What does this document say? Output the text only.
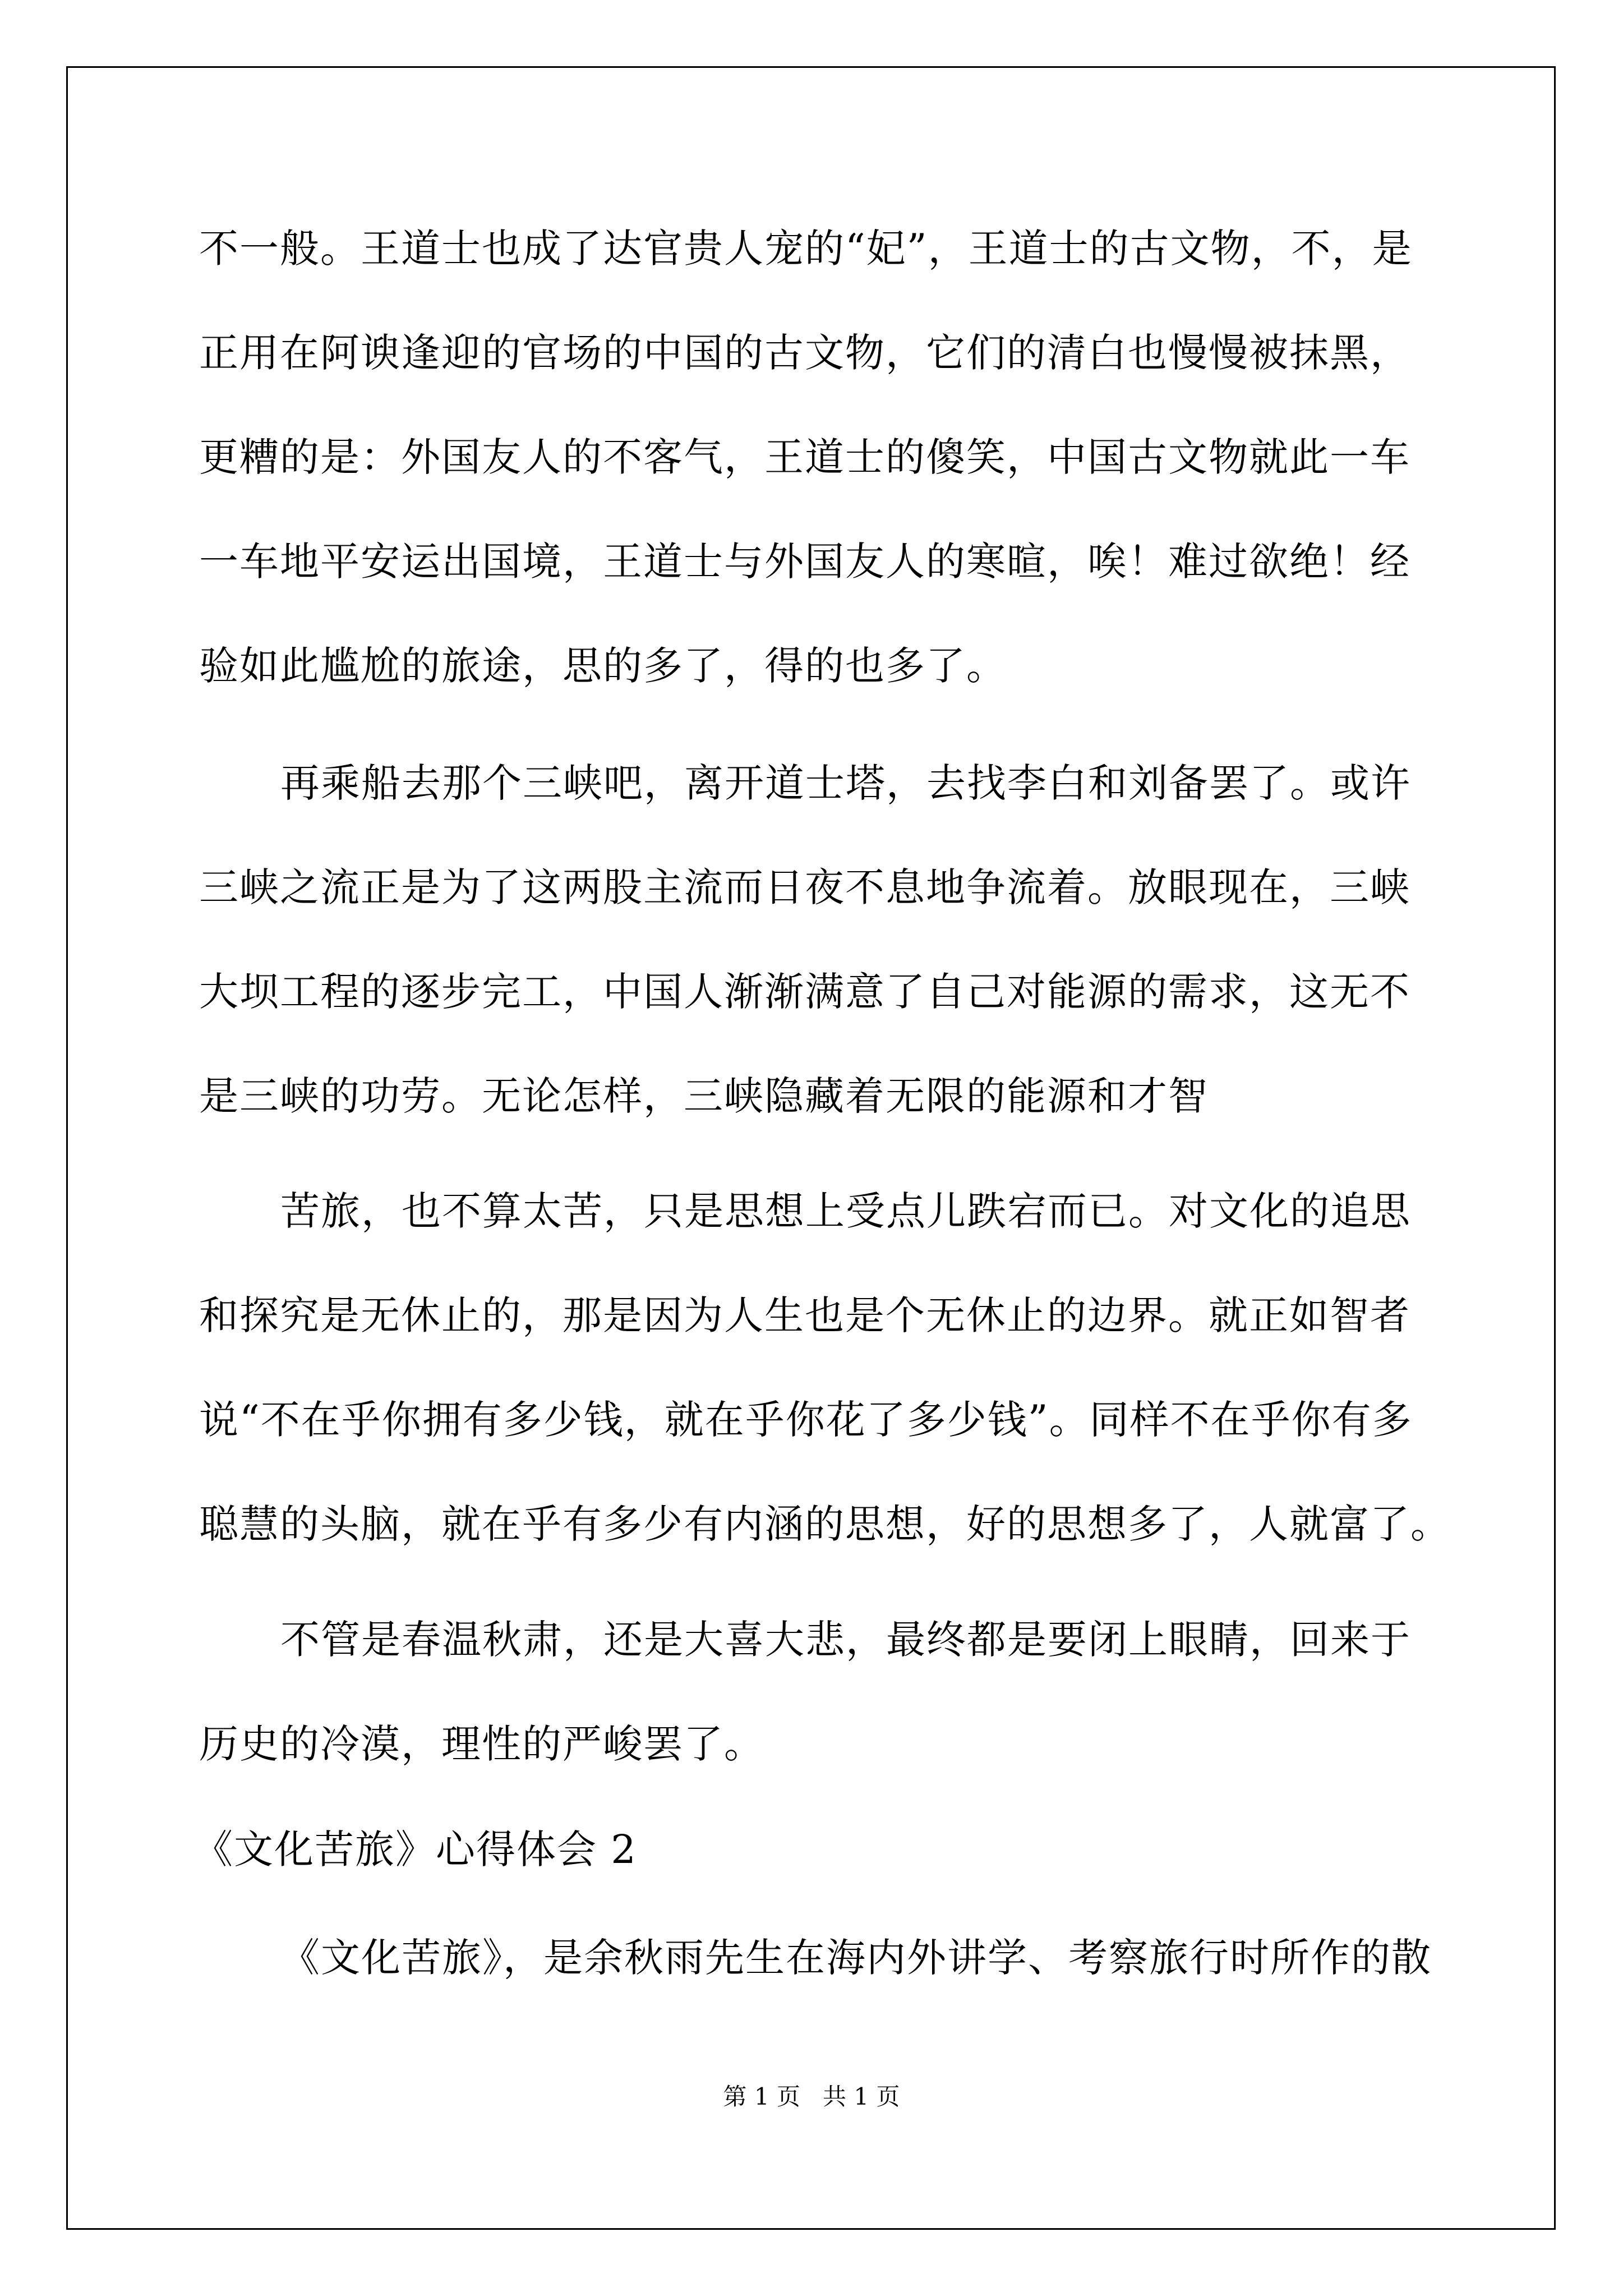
不一般。王道士也成了达官贵人宠的“妃”，王道士的古文物，不，是
正用在阿谀逢迎的官场的中国的古文物，它们的清白也慢慢被抹黑，
更糟的是：外国友人的不客气，王道士的傻笑，中国古文物就此一车
一车地平安运出国境，王道士与外国友人的寒暄，唉！难过欲绝！经
验如此尴尬的旅途，思的多了，得的也多了。
再乘船去那个三峡吧，离开道士塔，去找李白和刘备罢了。或许
三峡之流正是为了这两股主流而日夜不息地争流着。放眼现在，三峡
大坝工程的逐步完工，中国人渐渐满意了自己对能源的需求，这无不
是三峡的功劳。无论怎样，三峡隐藏着无限的能源和才智
苦旅，也不算太苦，只是思想上受点儿跌宕而已。对文化的追思
和探究是无休止的，那是因为人生也是个无休止的边界。就正如智者
说“不在乎你拥有多少钱，就在乎你花了多少钱”。同样不在乎你有多
聪慧的头脑，就在乎有多少有内涵的思想，好的思想多了，人就富了。
不管是春温秋肃，还是大喜大悲，最终都是要闭上眼睛，回来于
历史的冷漠，理性的严峻罢了。
《文化苦旅》心得体会 2
《文化苦旅》，是余秋雨先生在海内外讲学、考察旅行时所作的散
第 1 页   共 1 页
